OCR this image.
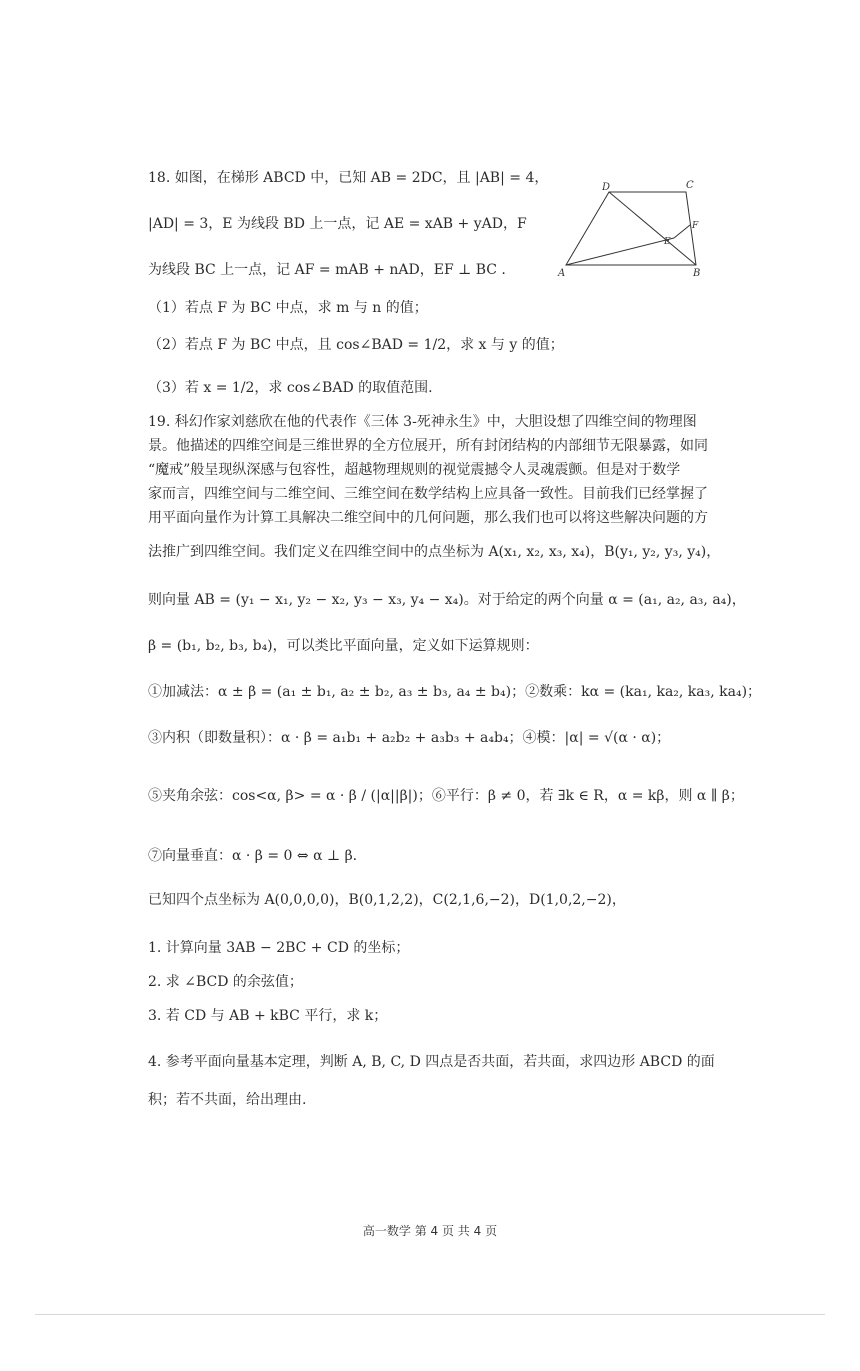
18. 如图，在梯形 ABCD 中，已知 AB = 2DC，且 |AB| = 4，
|AD| = 3，E 为线段 BD 上一点，记 AE = xAB + yAD，F
为线段 BC 上一点，记 AF = mAB + nAD，EF ⊥ BC .
（1）若点 F 为 BC 中点，求 m 与 n 的值；
（2）若点 F 为 BC 中点，且 cos∠BAD = 1/2，求 x 与 y 的值；
（3）若 x = 1/2，求 cos∠BAD 的取值范围.
A	B
C
D
E
F
19. 科幻作家刘慈欣在他的代表作《三体 3-死神永生》中，大胆设想了四维空间的物理图
景。他描述的四维空间是三维世界的全方位展开，所有封闭结构的内部细节无限暴露，如同
“魔戒”般呈现纵深感与包容性，超越物理规则的视觉震撼令人灵魂震颤。但是对于数学
家而言，四维空间与二维空间、三维空间在数学结构上应具备一致性。目前我们已经掌握了
用平面向量作为计算工具解决二维空间中的几何问题，那么我们也可以将这些解决问题的方
法推广到四维空间。我们定义在四维空间中的点坐标为 A(x₁, x₂, x₃, x₄)，B(y₁, y₂, y₃, y₄)，
则向量 AB = (y₁ − x₁, y₂ − x₂, y₃ − x₃, y₄ − x₄)。对于给定的两个向量 α = (a₁, a₂, a₃, a₄)，
β = (b₁, b₂, b₃, b₄)，可以类比平面向量，定义如下运算规则：
①加减法：α ± β = (a₁ ± b₁, a₂ ± b₂, a₃ ± b₃, a₄ ± b₄)；②数乘：kα = (ka₁, ka₂, ka₃, ka₄)；
③内积（即数量积）：α · β = a₁b₁ + a₂b₂ + a₃b₃ + a₄b₄；④模：|α| = √(α · α)；
⑤夹角余弦：cos<α, β> = α · β / (|α||β|)；⑥平行：β ≠ 0，若 ∃k ∈ R，α = kβ，则 α ∥ β；
⑦向量垂直：α · β = 0 ⇔ α ⊥ β.
已知四个点坐标为 A(0,0,0,0)，B(0,1,2,2)，C(2,1,6,−2)，D(1,0,2,−2)，
1. 计算向量 3AB − 2BC + CD 的坐标；
2. 求 ∠BCD 的余弦值；
3. 若 CD 与 AB + kBC 平行，求 k；
4. 参考平面向量基本定理，判断 A, B, C, D 四点是否共面，若共面，求四边形 ABCD 的面
积；若不共面，给出理由.
高一数学 第 4 页 共 4 页
